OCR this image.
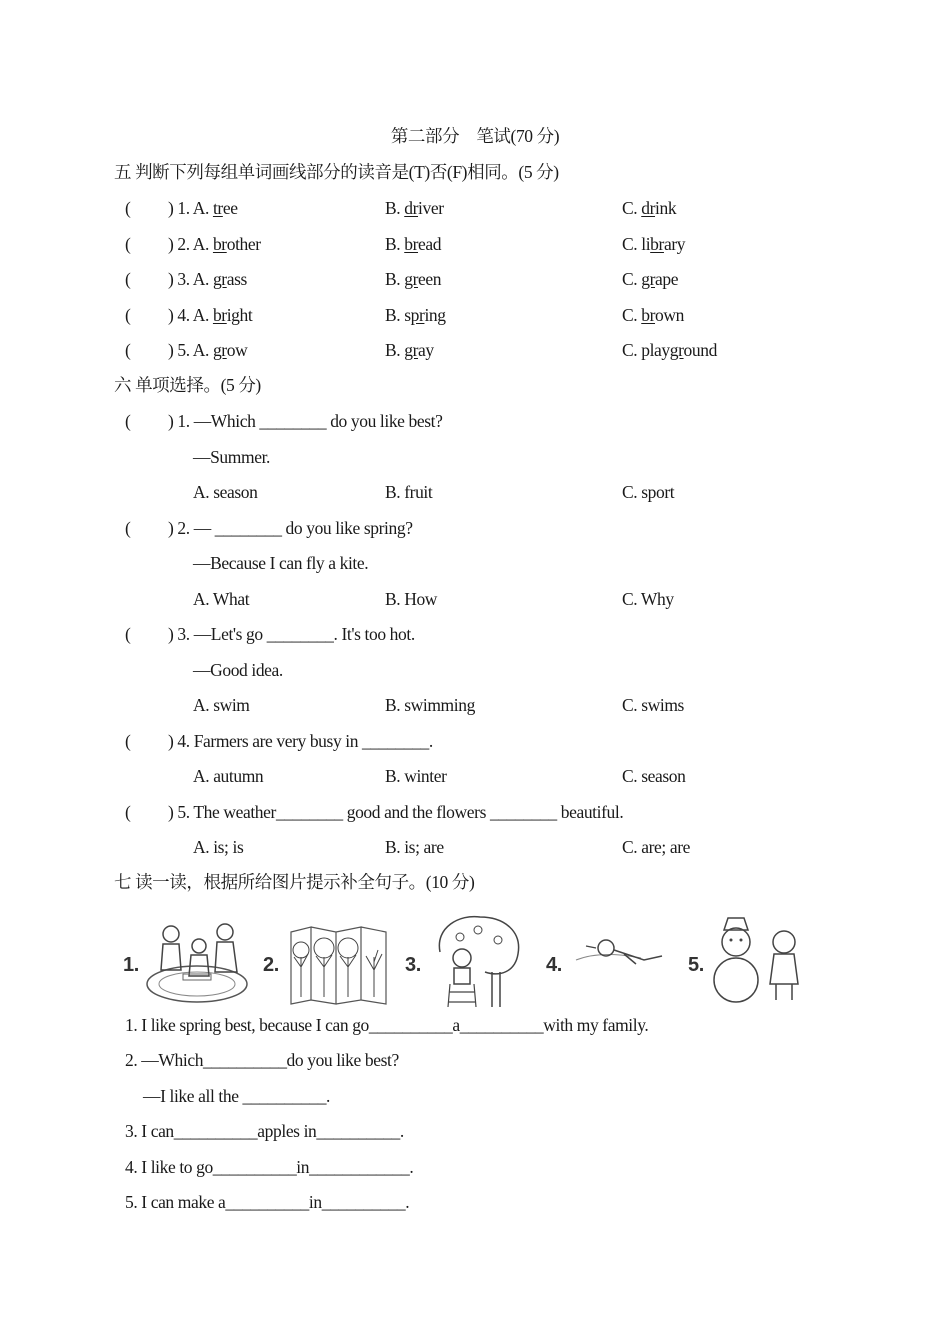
第二部分　笔试(70 分)
五 判断下列每组单词画线部分的读音是(T)否(F)相同。(5 分)
( ) 1. A. tree	B. driver	C. drink
( ) 2. A. brother	B. bread	C. library
( ) 3. A. grass	B. green	C. grape
( ) 4. A. bright	B. spring	C. brown
( ) 5. A. grow	B. gray	C. playground
六 单项选择。(5 分)
( ) 1. —Which ________ do you like best?
—Summer.
A. season	B. fruit	C. sport
( ) 2. — ________ do you like spring?
—Because I can fly a kite.
A. What	B. How	C. Why
( ) 3. —Let's go ________. It's too hot.
—Good idea.
A. swim	B. swimming	C. swims
( ) 4. Farmers are very busy in ________.
A. autumn	B. winter	C. season
( ) 5. The weather________ good and the flowers ________ beautiful.
A. is; is	B. is; are	C. are; are
七 读一读，根据所给图片提示补全句子。(10 分)
1.	2.	3.	4.	5.
1. I like spring best, because I can go__________a__________with my family.
2. —Which__________do you like best?
—I like all the __________.
3. I can__________apples in__________.
4. I like to go__________in____________.
5. I can make a__________in__________.
